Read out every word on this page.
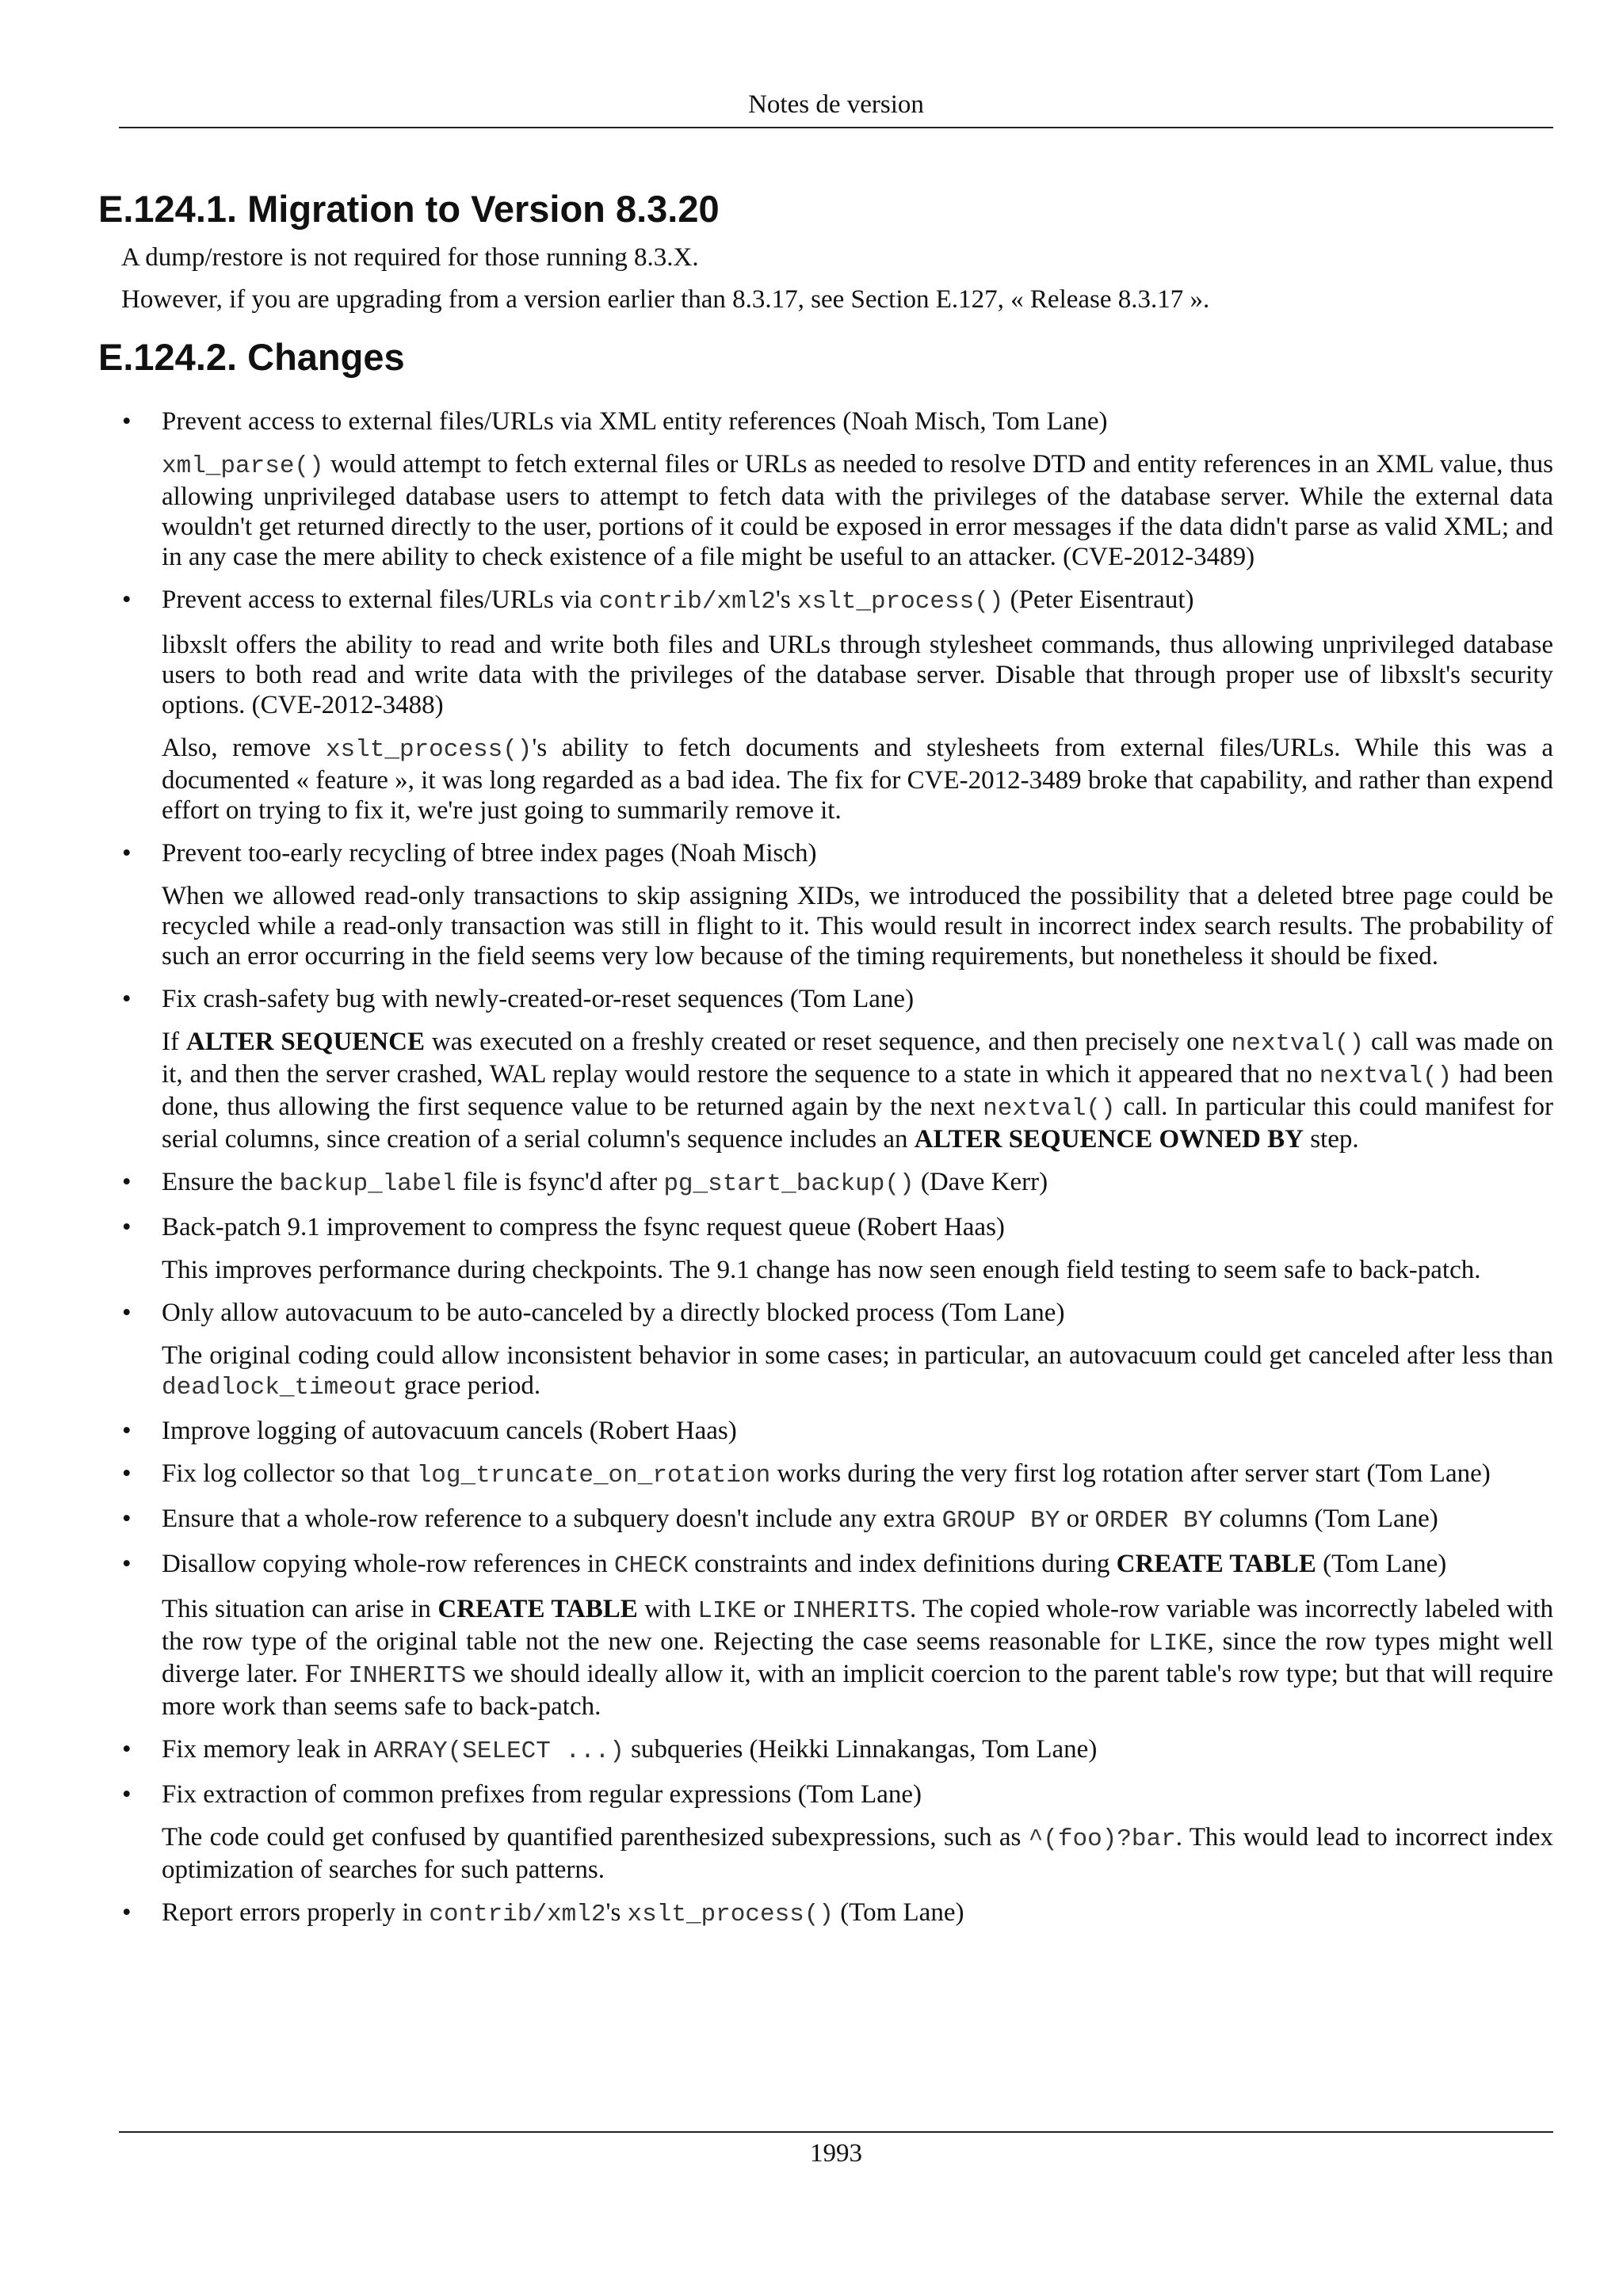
Notes de version
E.124.1. Migration to Version 8.3.20

A dump/restore is not required for those running 8.3.X.

However, if you are upgrading from a version earlier than 8.3.17, see Section E.127, « Release 8.3.17 ».

E.124.2. Changes
• Prevent access to external files/URLs via XML entity references (Noah Misch, Tom Lane)

xml_parse() would attempt to fetch external files or URLs as needed to resolve DTD and entity references in an XML value, thus allowing unprivileged database users to attempt to fetch data with the privileges of the database server. While the external data wouldn't get returned directly to the user, portions of it could be exposed in error messages if the data didn't parse as valid XML; and in any case the mere ability to check existence of a file might be useful to an attacker. (CVE-2012-3489)

• Prevent access to external files/URLs via contrib/xml2's xslt_process() (Peter Eisentraut)

libxslt offers the ability to read and write both files and URLs through stylesheet commands, thus allowing unprivileged database users to both read and write data with the privileges of the database server. Disable that through proper use of libxslt's security options. (CVE-2012-3488)

Also, remove xslt_process()'s ability to fetch documents and stylesheets from external files/URLs. While this was a documented « feature », it was long regarded as a bad idea. The fix for CVE-2012-3489 broke that capability, and rather than expend effort on trying to fix it, we're just going to summarily remove it.

• Prevent too-early recycling of btree index pages (Noah Misch)

When we allowed read-only transactions to skip assigning XIDs, we introduced the possibility that a deleted btree page could be recycled while a read-only transaction was still in flight to it. This would result in incorrect index search results. The probability of such an error occurring in the field seems very low because of the timing requirements, but nonetheless it should be fixed.

• Fix crash-safety bug with newly-created-or-reset sequences (Tom Lane)

If ALTER SEQUENCE was executed on a freshly created or reset sequence, and then precisely one nextval() call was made on it, and then the server crashed, WAL replay would restore the sequence to a state in which it appeared that no nextval() had been done, thus allowing the first sequence value to be returned again by the next nextval() call. In particular this could manifest for serial columns, since creation of a serial column's sequence includes an ALTER SEQUENCE OWNED BY step.

• Ensure the backup_label file is fsync'd after pg_start_backup() (Dave Kerr)

• Back-patch 9.1 improvement to compress the fsync request queue (Robert Haas)

This improves performance during checkpoints. The 9.1 change has now seen enough field testing to seem safe to back-patch.

• Only allow autovacuum to be auto-canceled by a directly blocked process (Tom Lane)

The original coding could allow inconsistent behavior in some cases; in particular, an autovacuum could get canceled after less than deadlock_timeout grace period.

• Improve logging of autovacuum cancels (Robert Haas)

• Fix log collector so that log_truncate_on_rotation works during the very first log rotation after server start (Tom Lane)

• Ensure that a whole-row reference to a subquery doesn't include any extra GROUP BY or ORDER BY columns (Tom Lane)

• Disallow copying whole-row references in CHECK constraints and index definitions during CREATE TABLE (Tom Lane)

This situation can arise in CREATE TABLE with LIKE or INHERITS. The copied whole-row variable was incorrectly labeled with the row type of the original table not the new one. Rejecting the case seems reasonable for LIKE, since the row types might well diverge later. For INHERITS we should ideally allow it, with an implicit coercion to the parent table's row type; but that will require more work than seems safe to back-patch.

• Fix memory leak in ARRAY(SELECT ...) subqueries (Heikki Linnakangas, Tom Lane)

• Fix extraction of common prefixes from regular expressions (Tom Lane)

The code could get confused by quantified parenthesized subexpressions, such as ^(foo)?bar. This would lead to incorrect index optimization of searches for such patterns.

• Report errors properly in contrib/xml2's xslt_process() (Tom Lane)

1993
